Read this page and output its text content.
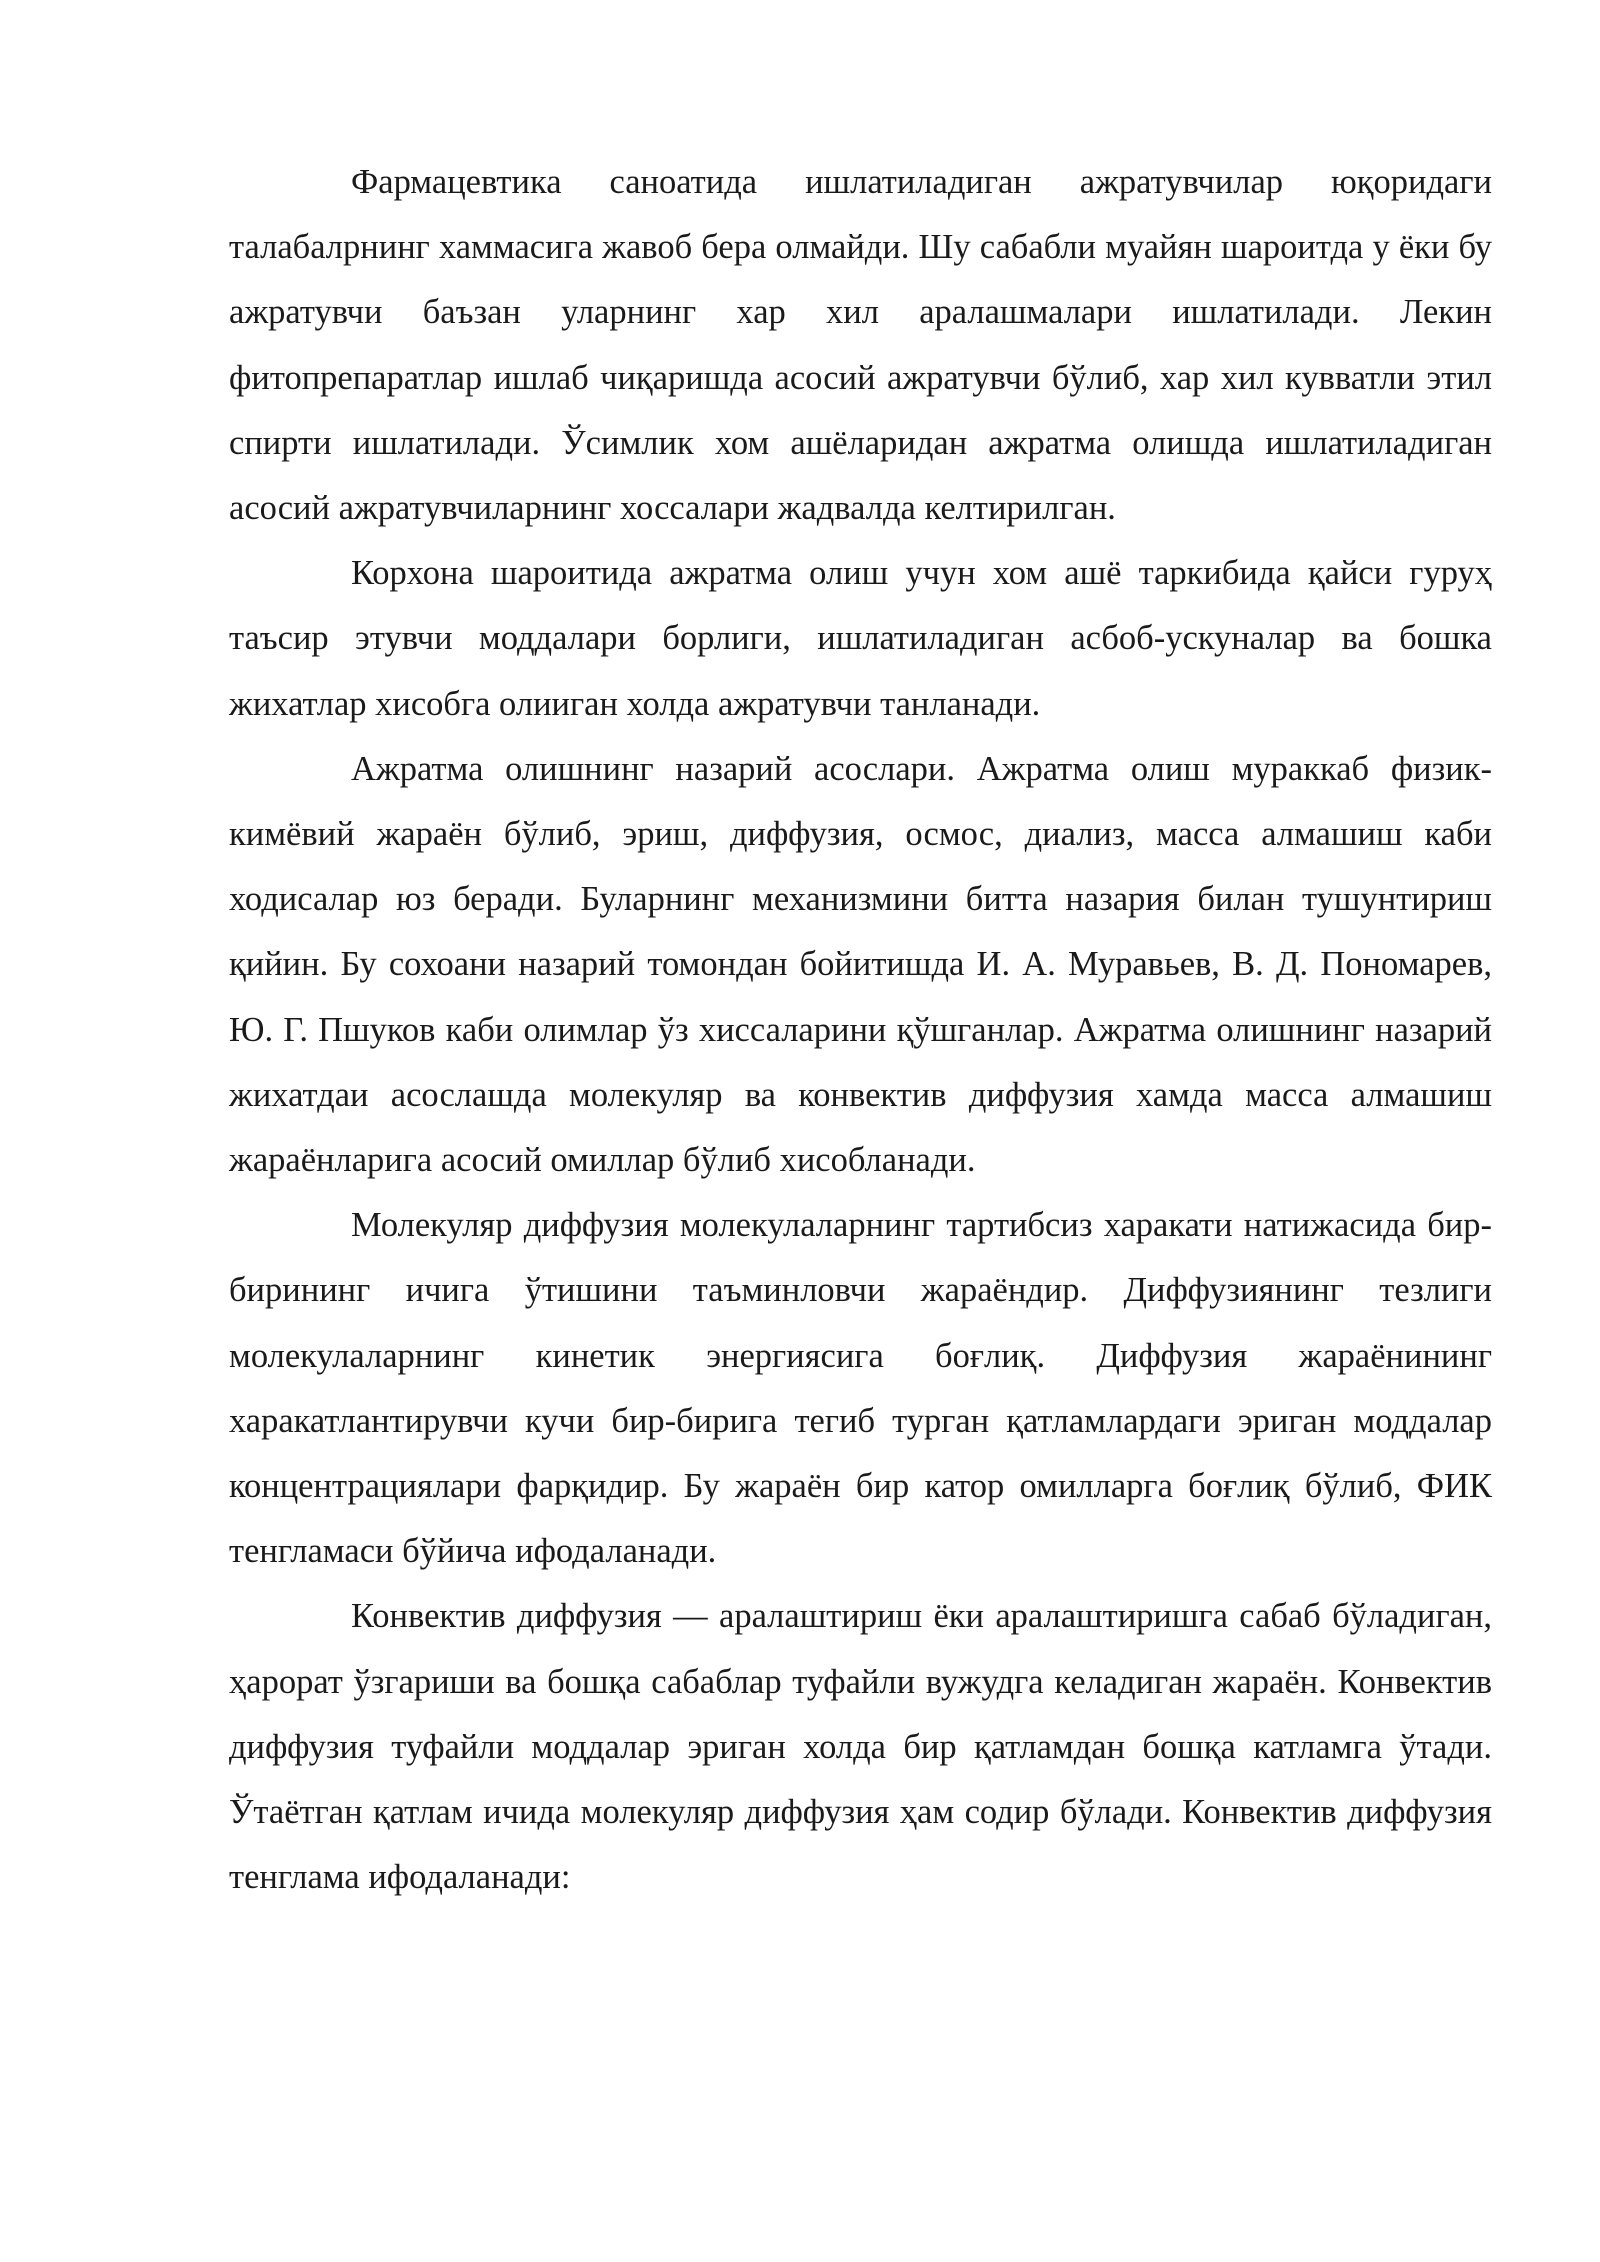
Фармацевтика саноатида ишлатиладиган ажратувчилар юқоридаги талабалрнинг хаммасига жавоб бера олмайди. Шу сабабли муайян шароитда у ёки бу ажратувчи баъзан уларнинг хар хил аралашмалари ишлатилади. Лекин фитопрепаратлар ишлаб чиқаришда асосий ажратувчи бўлиб, хар хил кувватли этил спирти ишлатилади. Ўсимлик хом ашёларидан ажратма олишда ишлатиладиган асосий ажратувчиларнинг хоссалари жадвалда келтирилган.

Корхона шароитида ажратма олиш учун хом ашё таркибида қайси гуруҳ таъсир этувчи моддалари борлиги, ишлатиладиган асбоб-ускуналар ва бошка жихатлар хисобга олииган холда ажратувчи танланади.

Ажратма олишнинг назарий асослари. Ажратма олиш мураккаб физик-кимёвий жараён бўлиб, эриш, диффузия, осмос, диализ, масса алмашиш каби ходисалар юз беради. Буларнинг механизмини битта назария билан тушунтириш қийин. Бу сохоани назарий томондан бойитишда И. А. Муравьев, В. Д. Пономарев, Ю. Г. Пшуков каби олимлар ўз хиссаларини қўшганлар. Ажратма олишнинг назарий жихатдаи асослашда молекуляр ва конвектив диффузия хамда масса алмашиш жараёнларига асосий омиллар бўлиб хисобланади.

Молекуляр диффузия молекулаларнинг тартибсиз харакати натижасида бир-бирининг ичига ўтишини таъминловчи жараёндир. Диффузиянинг тезлиги молекулаларнинг кинетик энергиясига боғлиқ. Диффузия жараёнининг харакатлантирувчи кучи бир-бирига тегиб турган қатламлардаги эриган моддалар концентрациялари фарқидир. Бу жараён бир катор омилларга боғлиқ бўлиб, ФИК тенгламаси бўйича ифодаланади.

Конвектив диффузия — аралаштириш ёки аралаштиришга сабаб бўладиган, ҳарорат ўзгариши ва бошқа сабаблар туфайли вужудга келадиган жараён. Конвектив диффузия туфайли моддалар эриган холда бир қатламдан бошқа катламга ўтади. Ўтаётган қатлам ичида молекуляр диффузия ҳам содир бўлади. Конвектив диффузия тенглама ифодаланади:
